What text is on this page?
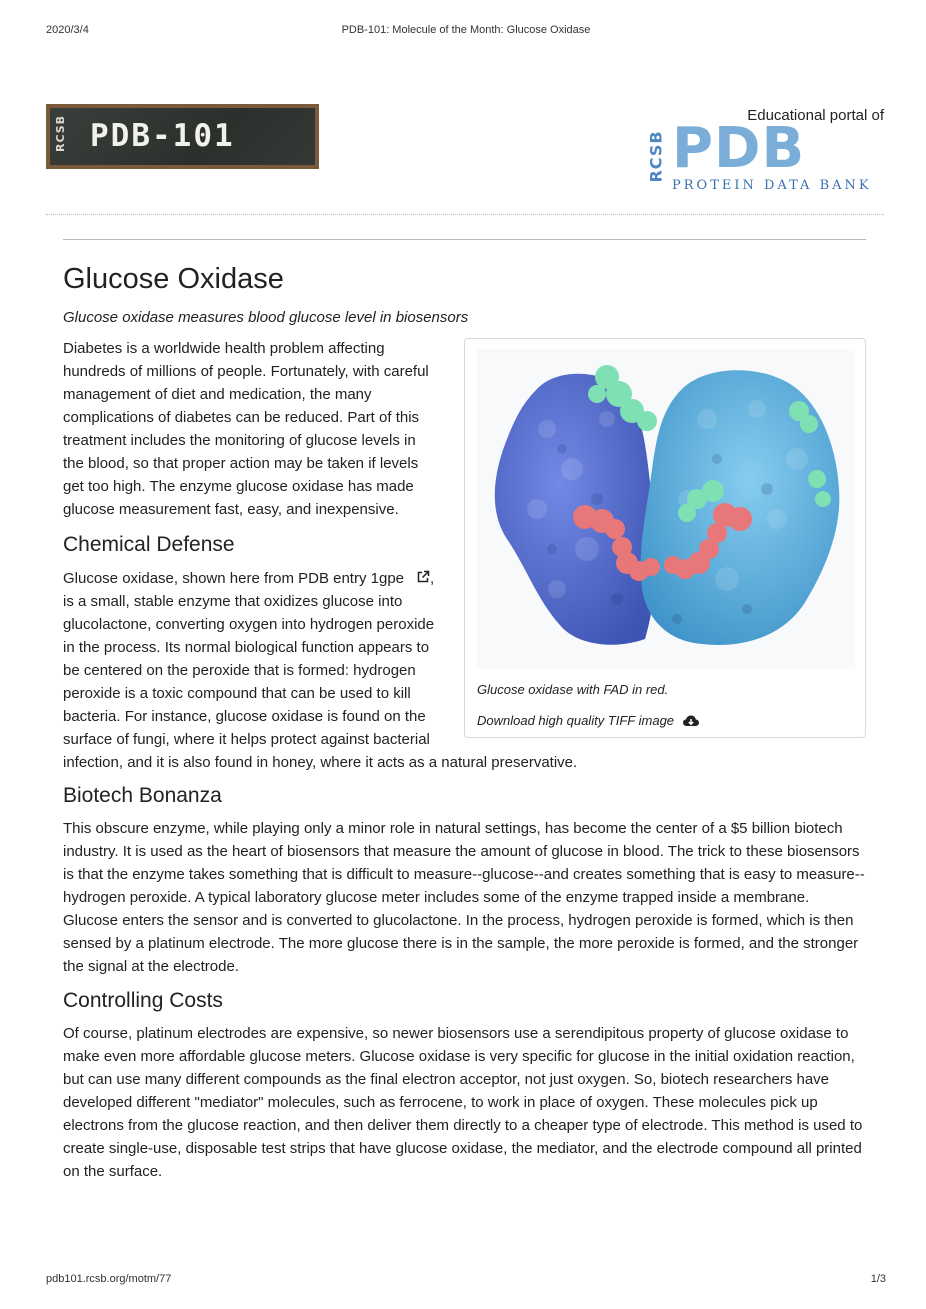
2020/3/4	PDB-101: Molecule of the Month: Glucose Oxidase
RCSB PDB-101
Educational portal of
RCSB PDB
PROTEIN DATA BANK
Glucose Oxidase
Glucose oxidase measures blood glucose level in biosensors
Glucose oxidase with FAD in red.
Download high quality TIFF image

Diabetes is a worldwide health problem affecting hundreds of millions of people. Fortunately, with careful management of diet and medication, the many complications of diabetes can be reduced. Part of this treatment includes the monitoring of glucose levels in the blood, so that proper action may be taken if levels get too high. The enzyme glucose oxidase has made glucose measurement fast, easy, and inexpensive.

Chemical Defense

Glucose oxidase, shown here from PDB entry 1gpe , is a small, stable enzyme that oxidizes glucose into glucolactone, converting oxygen into hydrogen peroxide in the process. Its normal biological function appears to be centered on the peroxide that is formed: hydrogen peroxide is a toxic compound that can be used to kill bacteria. For instance, glucose oxidase is found on the surface of fungi, where it helps protect against bacterial infection, and it is also found in honey, where it acts as a natural preservative.

Biotech Bonanza

This obscure enzyme, while playing only a minor role in natural settings, has become the center of a $5 billion biotech industry. It is used as the heart of biosensors that measure the amount of glucose in blood. The trick to these biosensors is that the enzyme takes something that is difficult to measure--glucose--and creates something that is easy to measure--hydrogen peroxide. A typical laboratory glucose meter includes some of the enzyme trapped inside a membrane. Glucose enters the sensor and is converted to glucolactone. In the process, hydrogen peroxide is formed, which is then sensed by a platinum electrode. The more glucose there is in the sample, the more peroxide is formed, and the stronger the signal at the electrode.

Controlling Costs

Of course, platinum electrodes are expensive, so newer biosensors use a serendipitous property of glucose oxidase to make even more affordable glucose meters. Glucose oxidase is very specific for glucose in the initial oxidation reaction, but can use many different compounds as the final electron acceptor, not just oxygen. So, biotech researchers have developed different "mediator" molecules, such as ferrocene, to work in place of oxygen. These molecules pick up electrons from the glucose reaction, and then deliver them directly to a cheaper type of electrode. This method is used to create single-use, disposable test strips that have glucose oxidase, the mediator, and the electrode compound all printed on the surface.

pdb101.rcsb.org/motm/77	1/3
